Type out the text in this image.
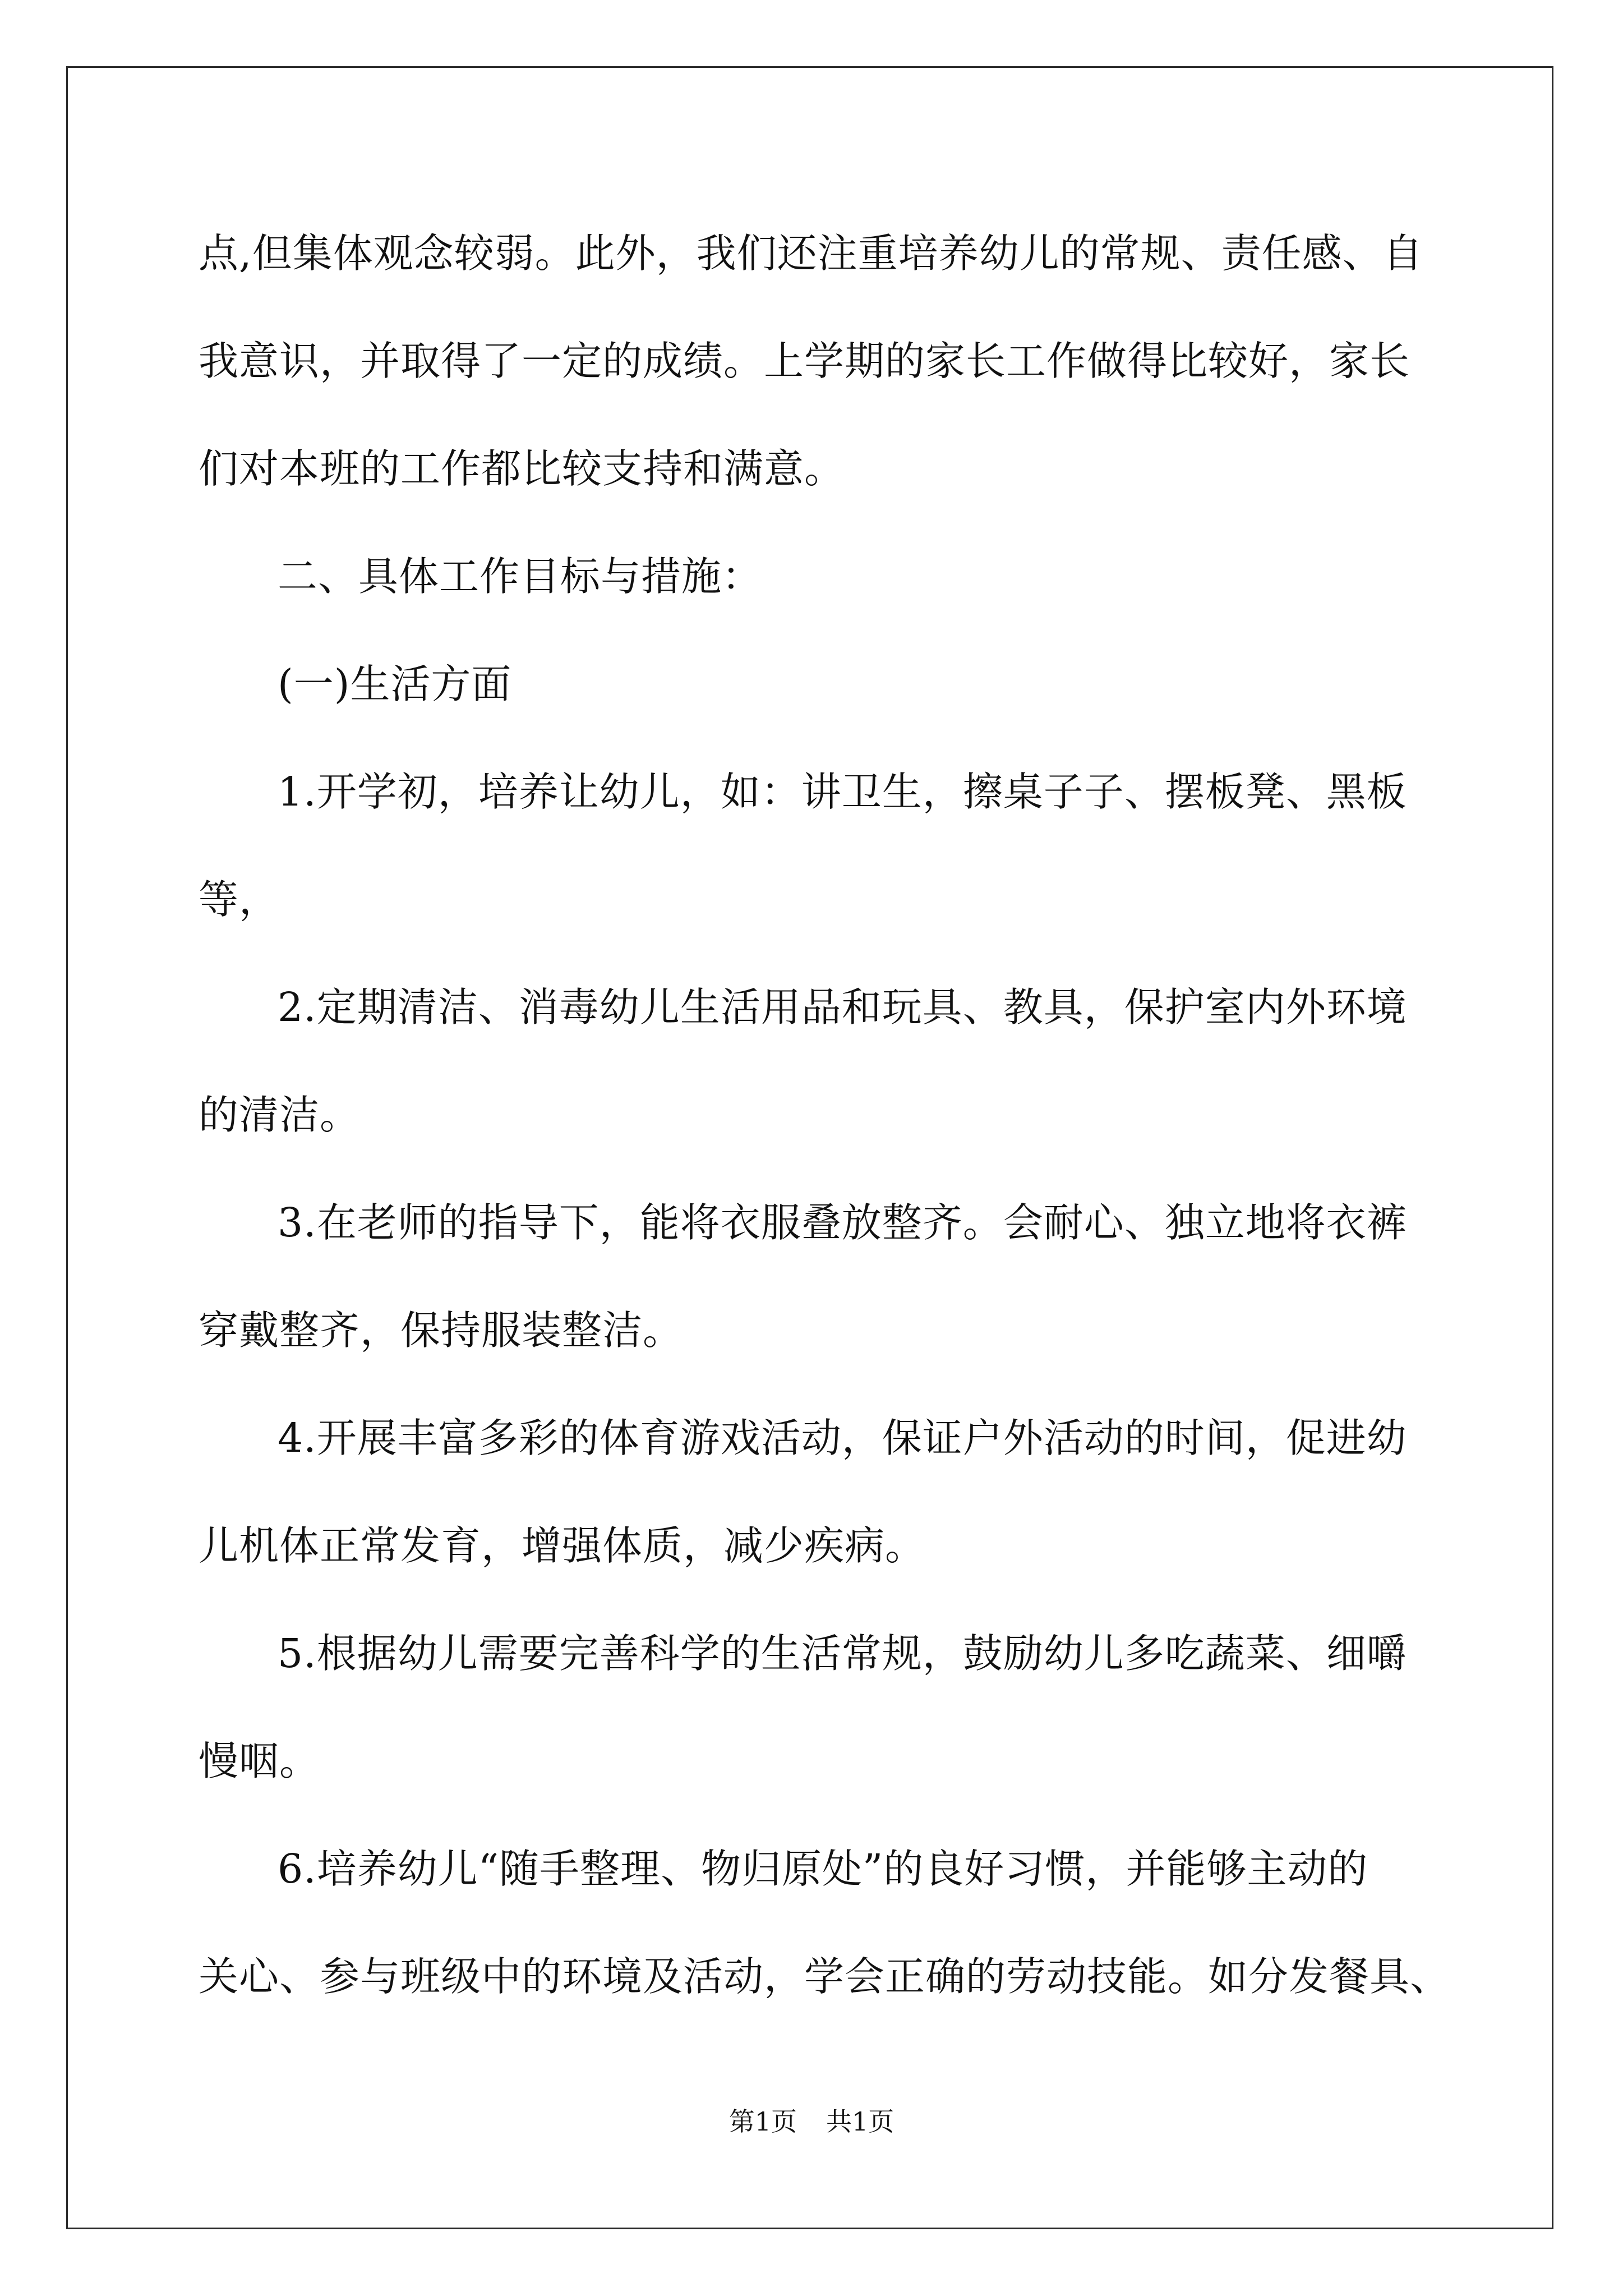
点,但集体观念较弱。此外，我们还注重培养幼儿的常规、责任感、自
我意识，并取得了一定的成绩。上学期的家长工作做得比较好，家长
们对本班的工作都比较支持和满意。
二、具体工作目标与措施：
(一)生活方面
1.开学初，培养让幼儿，如：讲卫生，擦桌子子、摆板凳、黑板
等，
2.定期清洁、消毒幼儿生活用品和玩具、教具，保护室内外环境
的清洁。
3.在老师的指导下，能将衣服叠放整齐。会耐心、独立地将衣裤
穿戴整齐，保持服装整洁。
4.开展丰富多彩的体育游戏活动，保证户外活动的时间，促进幼
儿机体正常发育，增强体质，减少疾病。
5.根据幼儿需要完善科学的生活常规，鼓励幼儿多吃蔬菜、细嚼
慢咽。
6.培养幼儿“随手整理、物归原处”的良好习惯，并能够主动的
关心、参与班级中的环境及活动，学会正确的劳动技能。如分发餐具、
第1页 共1页
